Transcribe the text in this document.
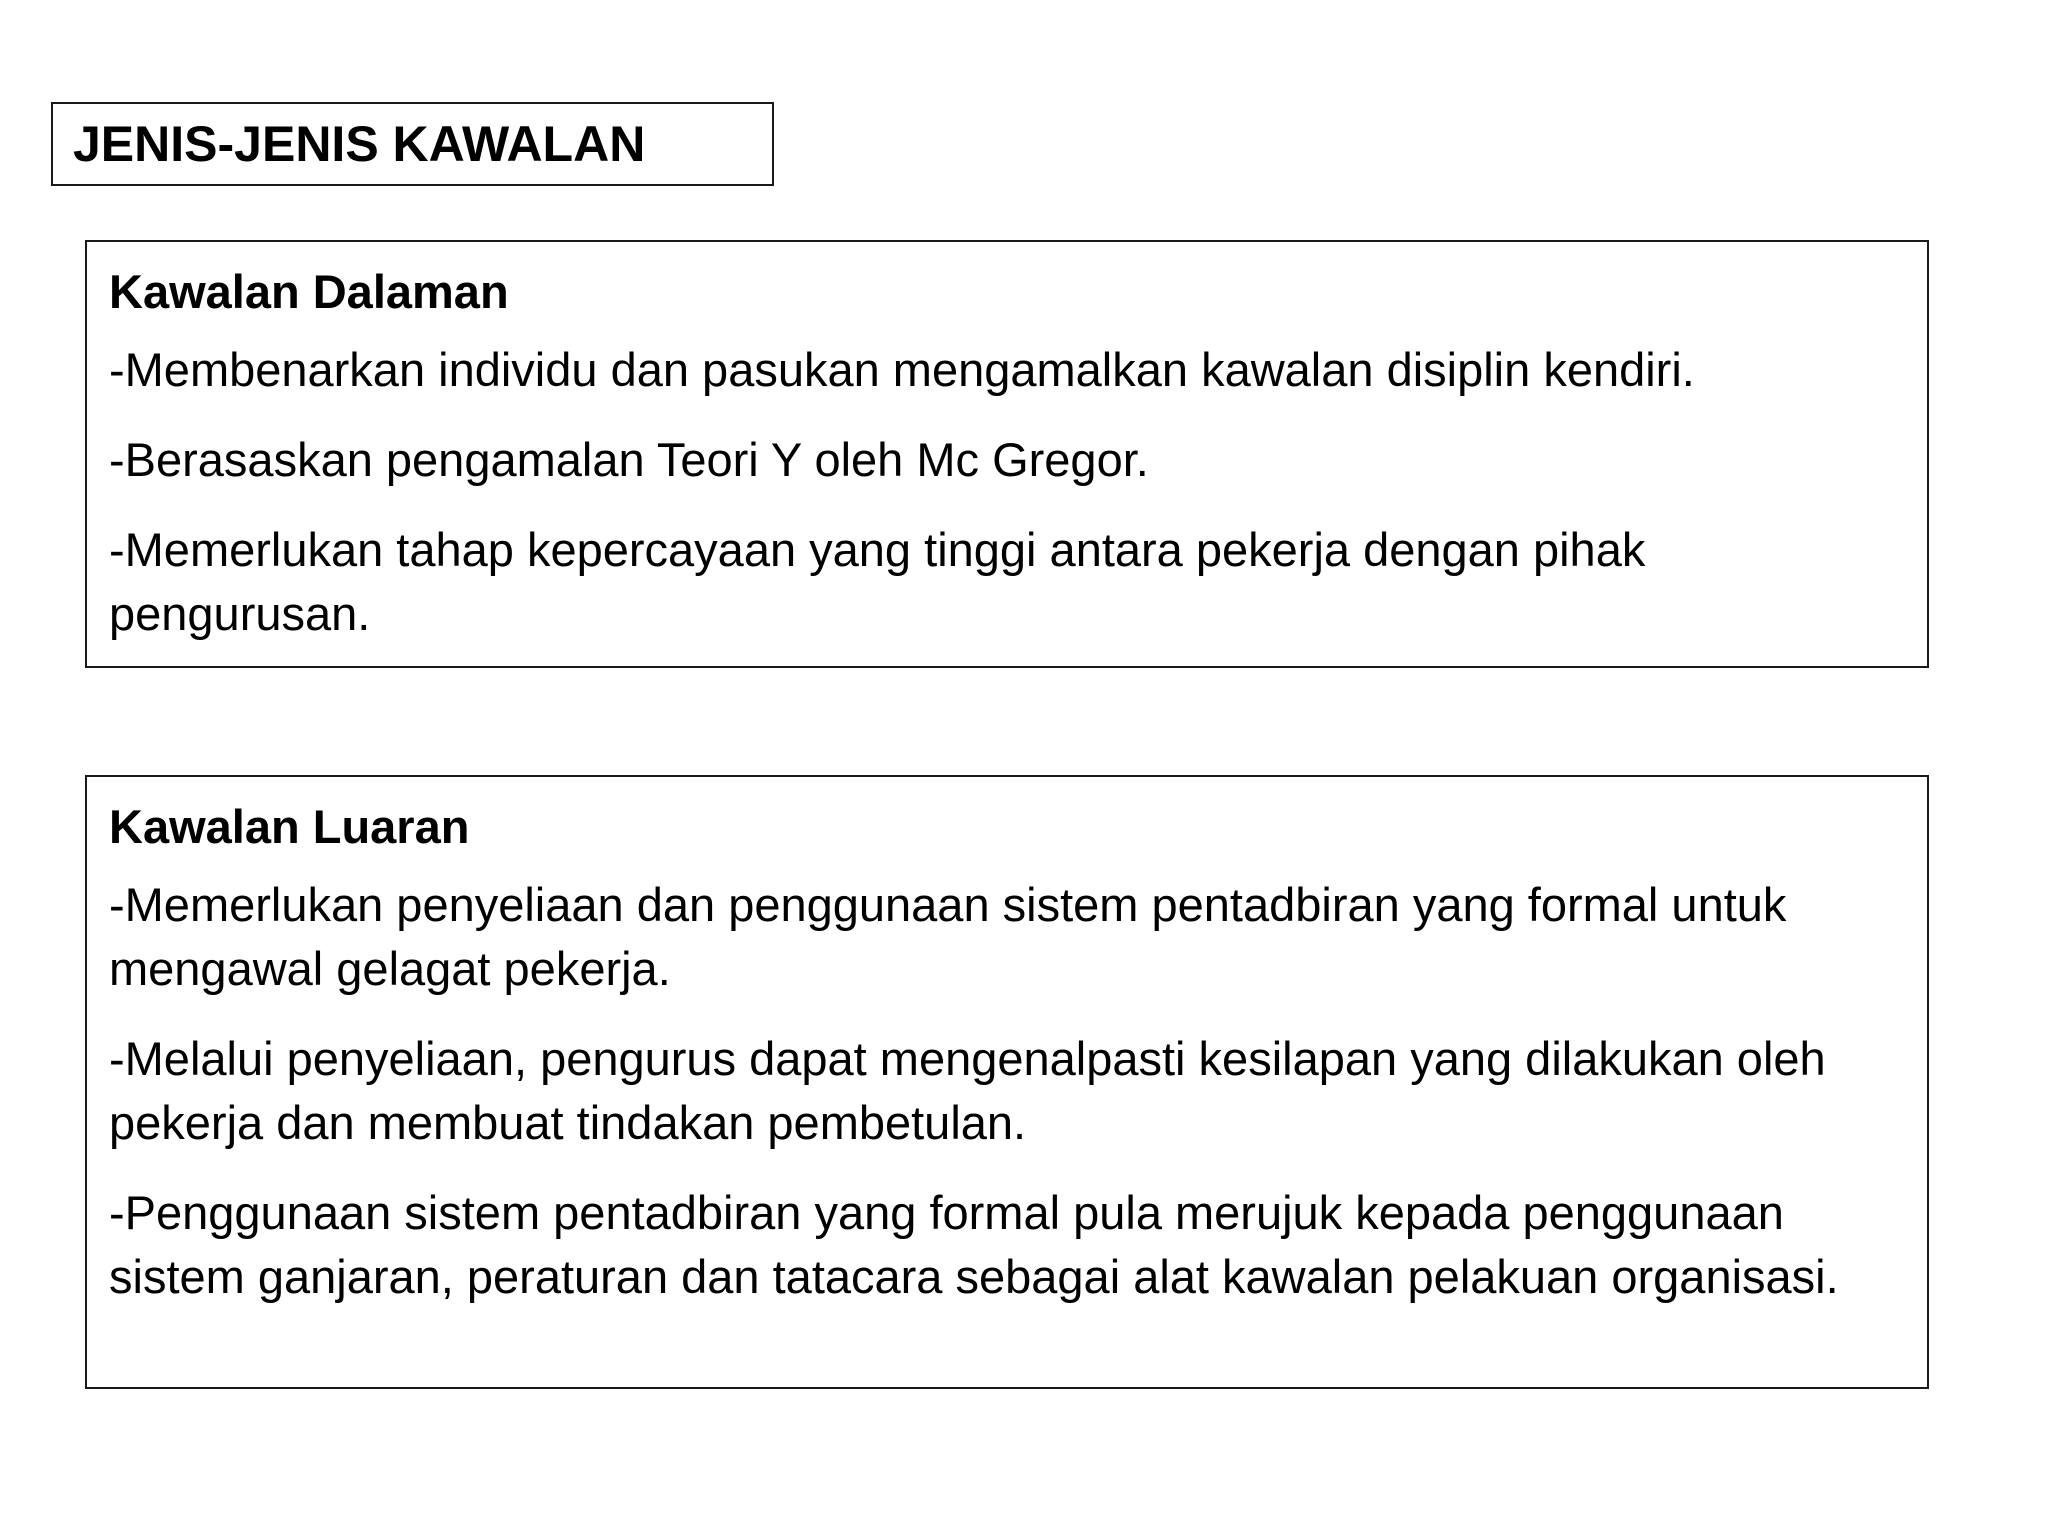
JENIS-JENIS KAWALAN
Kawalan Dalaman
-Membenarkan individu dan pasukan mengamalkan kawalan disiplin kendiri.
-Berasaskan pengamalan Teori Y oleh Mc Gregor.
-Memerlukan tahap kepercayaan yang tinggi antara pekerja dengan pihak pengurusan.
Kawalan Luaran
-Memerlukan penyeliaan dan penggunaan sistem pentadbiran yang formal untuk mengawal gelagat pekerja.
-Melalui penyeliaan, pengurus dapat mengenalpasti kesilapan yang dilakukan oleh pekerja dan membuat tindakan pembetulan.
-Penggunaan sistem pentadbiran yang formal pula merujuk kepada penggunaan sistem ganjaran, peraturan dan tatacara sebagai alat kawalan pelakuan organisasi.
